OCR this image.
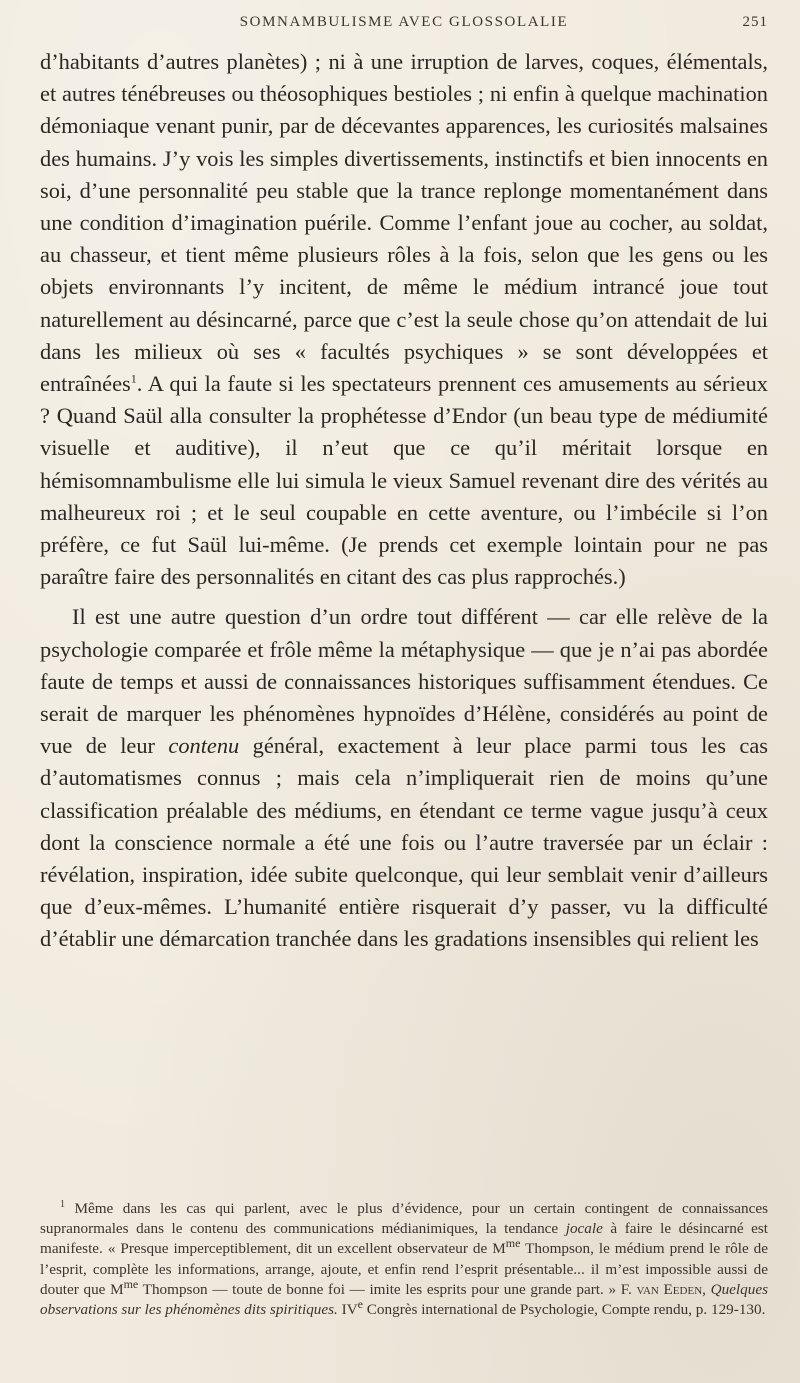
SOMNAMBULISME AVEC GLOSSOLALIE	251

d’habitants d’autres planètes) ; ni à une irruption de larves, coques, élémentals, et autres ténébreuses ou théosophiques bestioles ; ni enfin à quelque machination démoniaque venant punir, par de décevantes apparences, les curiosités malsaines des humains. J’y vois les simples divertissements, instinctifs et bien innocents en soi, d’une personnalité peu stable que la trance replonge momentanément dans une condition d’imagination puérile. Comme l’enfant joue au cocher, au soldat, au chasseur, et tient même plusieurs rôles à la fois, selon que les gens ou les objets environnants l’y incitent, de même le médium intrancé joue tout naturellement au désincarné, parce que c’est la seule chose qu’on attendait de lui dans les milieux où ses « facultés psychiques » se sont développées et entraînées$^1$. A qui la faute si les spectateurs prennent ces amusements au sérieux ? Quand Saül alla consulter la prophétesse d’Endor (un beau type de médiumité visuelle et auditive), il n’eut que ce qu’il méritait lorsque en hémisomnambulisme elle lui simula le vieux Samuel revenant dire des vérités au malheureux roi ; et le seul coupable en cette aventure, ou l’imbécile si l’on préfère, ce fut Saül lui-même. (Je prends cet exemple lointain pour ne pas paraître faire des personnalités en citant des cas plus rapprochés.)

Il est une autre question d’un ordre tout différent — car elle relève de la psychologie comparée et frôle même la métaphysique — que je n’ai pas abordée faute de temps et aussi de connaissances historiques suffisamment étendues. Ce serait de marquer les phénomènes hypnoïdes d’Hélène, considérés au point de vue de leur contenu général, exactement à leur place parmi tous les cas d’automatismes connus ; mais cela n’impliquerait rien de moins qu’une classification préalable des médiums, en étendant ce terme vague jusqu’à ceux dont la conscience normale a été une fois ou l’autre traversée par un éclair : révélation, inspiration, idée subite quelconque, qui leur semblait venir d’ailleurs que d’eux-mêmes. L’humanité entière risquerait d’y passer, vu la difficulté d’établir une démarcation tranchée dans les gradations insensibles qui relient les

$^1$ Même dans les cas qui parlent, avec le plus d’évidence, pour un certain contingent de connaissances supranormales dans le contenu des communications médianimiques, la tendance jocale à faire le désincarné est manifeste. « Presque imperceptiblement, dit un excellent observateur de $M^{me}$ Thompson, le médium prend le rôle de l’esprit, complète les informations, arrange, ajoute, et enfin rend l’esprit présentable... il m’est impossible aussi de douter que $M^{me}$ Thompson — toute de bonne foi — imite les esprits pour une grande part. » F. van Eeden, Quelques observations sur les phénomènes dits spiritiques. IVe Congrès international de Psychologie, Compte rendu, p. 129-130.
